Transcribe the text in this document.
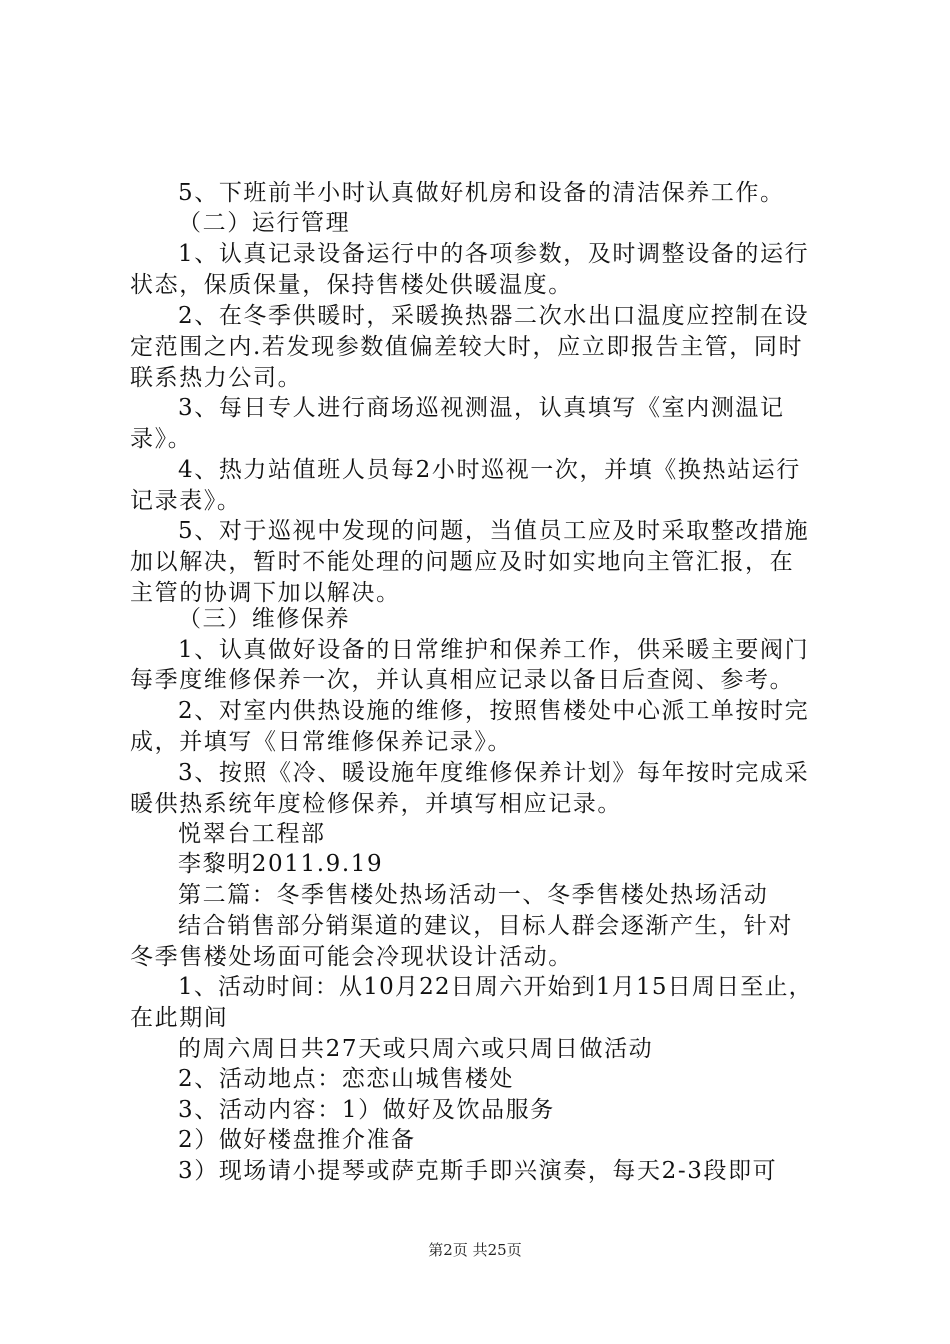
5、下班前半小时认真做好机房和设备的清洁保养工作。
（二）运行管理
1、认真记录设备运行中的各项参数，及时调整设备的运行
状态，保质保量，保持售楼处供暖温度。
2、在冬季供暖时，采暖换热器二次水出口温度应控制在设
定范围之内.若发现参数值偏差较大时，应立即报告主管，同时
联系热力公司。
3、每日专人进行商场巡视测温，认真填写《室内测温记
录》。
4、热力站值班人员每2小时巡视一次，并填《换热站运行
记录表》。
5、对于巡视中发现的问题，当值员工应及时采取整改措施
加以解决，暂时不能处理的问题应及时如实地向主管汇报，在
主管的协调下加以解决。
（三）维修保养
1、认真做好设备的日常维护和保养工作，供采暖主要阀门
每季度维修保养一次，并认真相应记录以备日后查阅、参考。
2、对室内供热设施的维修，按照售楼处中心派工单按时完
成，并填写《日常维修保养记录》。
3、按照《冷、暖设施年度维修保养计划》每年按时完成采
暖供热系统年度检修保养，并填写相应记录。
悦翠台工程部
李黎明2011.9.19
第二篇：冬季售楼处热场活动一、冬季售楼处热场活动
结合销售部分销渠道的建议，目标人群会逐渐产生，针对
冬季售楼处场面可能会冷现状设计活动。
1、活动时间：从10月22日周六开始到1月15日周日至止，
在此期间
的周六周日共27天或只周六或只周日做活动
2、活动地点：恋恋山城售楼处
3、活动内容：1）做好及饮品服务
2）做好楼盘推介准备
3）现场请小提琴或萨克斯手即兴演奏，每天2-3段即可
第2页 共25页
